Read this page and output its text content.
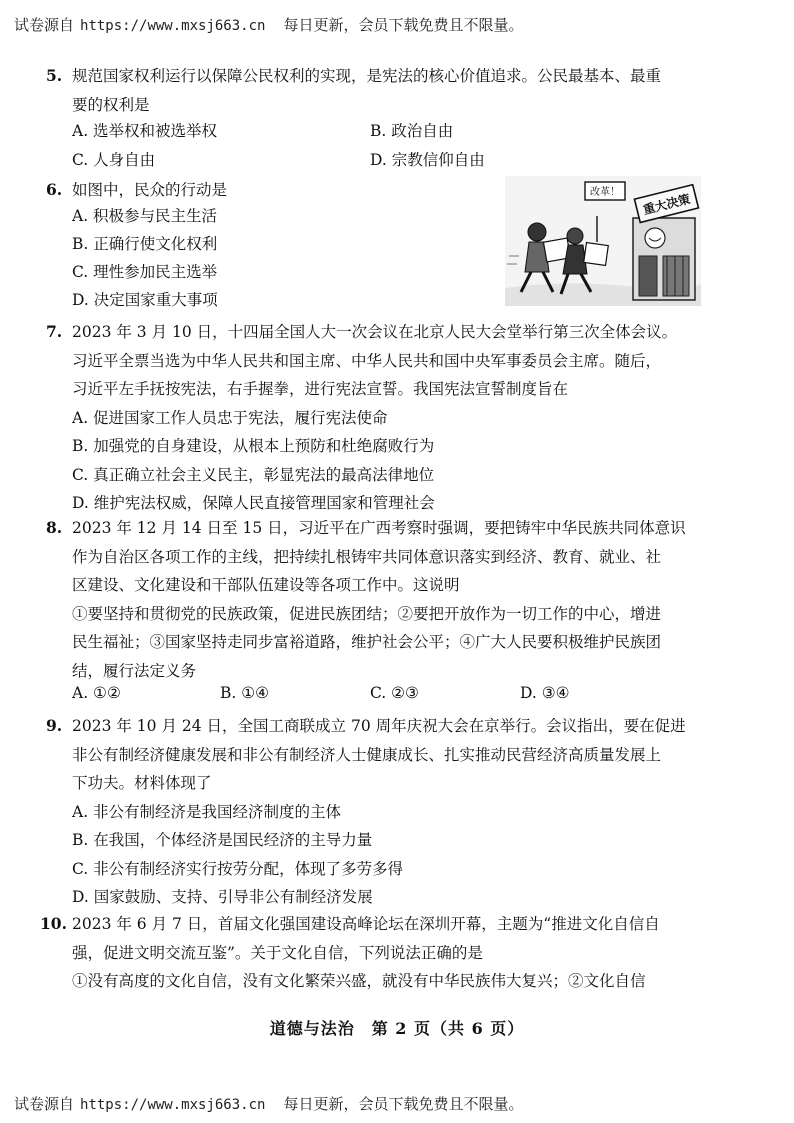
试卷源自 https://www.mxsj663.cn 每日更新，会员下载免费且不限量。
5. 规范国家权利运行以保障公民权利的实现，是宪法的核心价值追求。公民最基本、最重
要的权利是
A. 选举权和被选举权	B. 政治自由
C. 人身自由	D. 宗教信仰自由
6. 如图中，民众的行动是
A. 积极参与民主生活
B. 正确行使文化权利
C. 理性参加民主选举
D. 决定国家重大事项
重大决策
改革！
7. 2023 年 3 月 10 日，十四届全国人大一次会议在北京人民大会堂举行第三次全体会议。
习近平全票当选为中华人民共和国主席、中华人民共和国中央军事委员会主席。随后，
习近平左手抚按宪法，右手握拳，进行宪法宣誓。我国宪法宣誓制度旨在
A. 促进国家工作人员忠于宪法，履行宪法使命
B. 加强党的自身建设，从根本上预防和杜绝腐败行为
C. 真正确立社会主义民主，彰显宪法的最高法律地位
D. 维护宪法权威，保障人民直接管理国家和管理社会
8. 2023 年 12 月 14 日至 15 日，习近平在广西考察时强调，要把铸牢中华民族共同体意识
作为自治区各项工作的主线，把持续扎根铸牢共同体意识落实到经济、教育、就业、社
区建设、文化建设和干部队伍建设等各项工作中。这说明
①要坚持和贯彻党的民族政策，促进民族团结；②要把开放作为一切工作的中心，增进
民生福祉；③国家坚持走同步富裕道路，维护社会公平；④广大人民要积极维护民族团
结，履行法定义务
A. ①②	B. ①④	C. ②③	D. ③④
9. 2023 年 10 月 24 日，全国工商联成立 70 周年庆祝大会在京举行。会议指出，要在促进
非公有制经济健康发展和非公有制经济人士健康成长、扎实推动民营经济高质量发展上
下功夫。材料体现了
A. 非公有制经济是我国经济制度的主体
B. 在我国，个体经济是国民经济的主导力量
C. 非公有制经济实行按劳分配，体现了多劳多得
D. 国家鼓励、支持、引导非公有制经济发展
10. 2023 年 6 月 7 日，首届文化强国建设高峰论坛在深圳开幕，主题为“推进文化自信自
强，促进文明交流互鉴”。关于文化自信，下列说法正确的是
①没有高度的文化自信，没有文化繁荣兴盛，就没有中华民族伟大复兴；②文化自信
道德与法治　第 2 页（共 6 页）
试卷源自 https://www.mxsj663.cn 每日更新，会员下载免费且不限量。
